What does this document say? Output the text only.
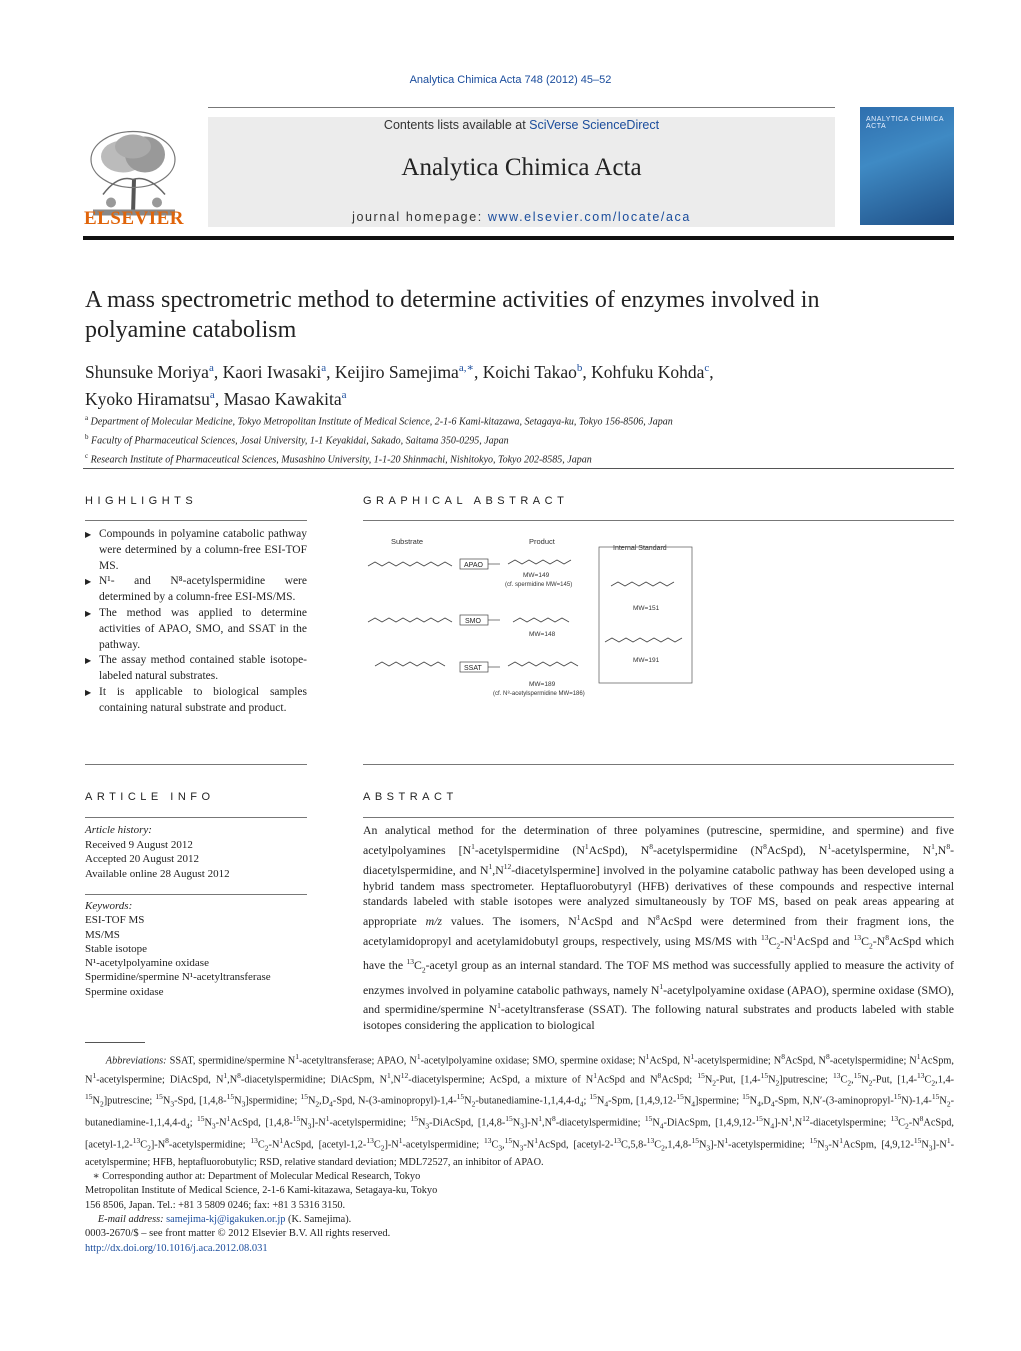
Analytica Chimica Acta 748 (2012) 45–52
ELSEVIER
Contents lists available at SciVerse ScienceDirect
Analytica Chimica Acta
journal homepage: www.elsevier.com/locate/aca
ANALYTICA CHIMICA ACTA
A mass spectrometric method to determine activities of enzymes involved in
polyamine catabolism
Shunsuke Moriya$^a$, Kaori Iwasaki$^a$, Keijiro Samejima$^{a,∗}$, Koichi Takao$^b$, Kohfuku Kohda$^c$,
Kyoko Hiramatsu$^a$, Masao Kawakita$^a$
$^a$ Department of Molecular Medicine, Tokyo Metropolitan Institute of Medical Science, 2-1-6 Kami-kitazawa, Setagaya-ku, Tokyo 156-8506, Japan
$^b$ Faculty of Pharmaceutical Sciences, Josai University, 1-1 Keyakidai, Sakado, Saitama 350-0295, Japan
$^c$ Research Institute of Pharmaceutical Sciences, Musashino University, 1-1-20 Shinmachi, Nishitokyo, Tokyo 202-8585, Japan
HIGHLIGHTS
▶ Compounds in polyamine catabolic pathway were determined by a column-free ESI-TOF MS.
▶ N¹- and N⁸-acetylspermidine were determined by a column-free ESI-MS/MS.
▶ The method was applied to determine activities of APAO, SMO, and SSAT in the pathway.
▶ The assay method contained stable isotope-labeled natural substrates.
▶ It is applicable to biological samples containing natural substrate and product.
GRAPHICAL ABSTRACT
Substrate	Product
Internal Standard
APAO
MW=149
(cf. spermidine MW=145)
SMO
MW=148
SSAT
MW=189
(cf. N⁸-acetylspermidine MW=186)
MW=151
MW=191
ARTICLE INFO
Article history:
Received 9 August 2012
Accepted 20 August 2012
Available online 28 August 2012
Keywords:
ESI-TOF MS
MS/MS
Stable isotope
N¹-acetylpolyamine oxidase
Spermidine/spermine N¹-acetyltransferase
Spermine oxidase
ABSTRACT
An analytical method for the determination of three polyamines (putrescine, spermidine, and spermine) and five acetylpolyamines [$N^1$-acetylspermidine $(N^1AcSpd)$, $N^8$-acetylspermidine $(N^8AcSpd)$, $N^1$-acetylspermine, $N^1,N^8$-diacetylspermidine, and $N^1,N^{12}-diacetylspermine$] involved in the polyamine catabolic pathway has been developed using a hybrid tandem mass spectrometer. Heptafluorobutyryl (HFB) derivatives of these compounds and respective internal standards labeled with stable isotopes were analyzed simultaneously by TOF MS, based on peak areas appearing at appropriate m/z values. The isomers, $N^1AcSpd$ and $N^8AcSpd$ were determined from their fragment ions, the acetylamidopropyl and acetylamidobutyl groups, respectively, using MS/MS with $^{13}C_2-N^1AcSpd$ and $^{13}C_2-N^8AcSpd$ which have the $^{13}C_2$-acetyl group as an internal standard. The TOF MS method was successfully applied to measure the activity of enzymes involved in polyamine catabolic pathways, namely $N^1$-acetylpolyamine oxidase (APAO), spermine oxidase (SMO), and spermidine/spermine $N^1$-acetyltransferase (SSAT). The following natural substrates and products labeled with stable isotopes considering the application to biological

Abbreviations: SSAT, spermidine/spermine $N^1$-acetyltransferase; APAO, $N^1$-acetylpolyamine oxidase; SMO, spermine oxidase; $N^1AcSpd$, $N^1$-acetylspermidine; $N^8AcSpd$, $N^8$-acetylspermidine; $N^1AcSpm$, $N^1$-acetylspermine; DiAcSpd, $N^1,N^8$-diacetylspermidine; DiAcSpm, $N^1,N^{12}$-diacetylspermine; AcSpd, a mixture of $N^1AcSpd$ and $N^8AcSpd$; $^{15}N_2$-Put, $[1,4-^{15}N_2]putrescine$; $^{13}C_2,^{15}N_2$-Put, $[1,4-^{13}C_2,1,4-^{15}N_2]putrescine$; $^{15}N_3$-Spd, $[1,4,8-^{15}N_3]spermidine$; $^{15}N_2,D_4$-Spd, $N-(3-aminopropyl)-1,4-^{15}N_2-butanediamine-1,1,4,4-d_4$; $^{15}N_4$-Spm, $[1,4,9,12-^{15}N_4]spermine$; $^{15}N_4,D_4$-Spm, $N,N'-(3-aminopropyl-^{15}N)-1,4-^{15}N_2-butanediamine-1,1,4,4-d_4$; $^{15}N_3-N^1AcSpd$, $[1,4,8-^{15}N_3]-N^1$-acetylspermidine; $^{15}N_3$-DiAcSpd, $[1,4,8-^{15}N_3]-N^1,N^8$-diacetylspermidine; $^{15}N_4$-DiAcSpm, $[1,4,9,12-^{15}N_4]-N^1,N^{12}$-diacetylspermine; $^{13}C_2-N^8AcSpd$, $[acetyl-1,2-^{13}C_2]-N^8$-acetylspermidine; $^{13}C_2-N^1AcSpd$, $[acetyl-1,2-^{13}C_2]-N^1$-acetylspermidine; $^{13}C_3,^{15}N_3-N^1AcSpd$, $[acetyl-2-^{13}C,5,8-^{13}C_2,1,4,8-^{15}N_3]-N^1$-acetylspermidine; $^{15}N_3-N^1AcSpm$, $[4,9,12-^{15}N_3]-N^1$-acetylspermine; HFB, heptafluorobutylic; RSD, relative standard deviation; MDL72527, an inhibitor of APAO.

∗ Corresponding author at: Department of Molecular Medical Research, Tokyo

Metropolitan Institute of Medical Science, 2-1-6 Kami-kitazawa, Setagaya-ku, Tokyo

156 8506, Japan. Tel.: +81 3 5809 0246; fax: +81 3 5316 3150.

E-mail address: samejima-kj@igakuken.or.jp (K. Samejima).

0003-2670/$ – see front matter © 2012 Elsevier B.V. All rights reserved.
http://dx.doi.org/10.1016/j.aca.2012.08.031
